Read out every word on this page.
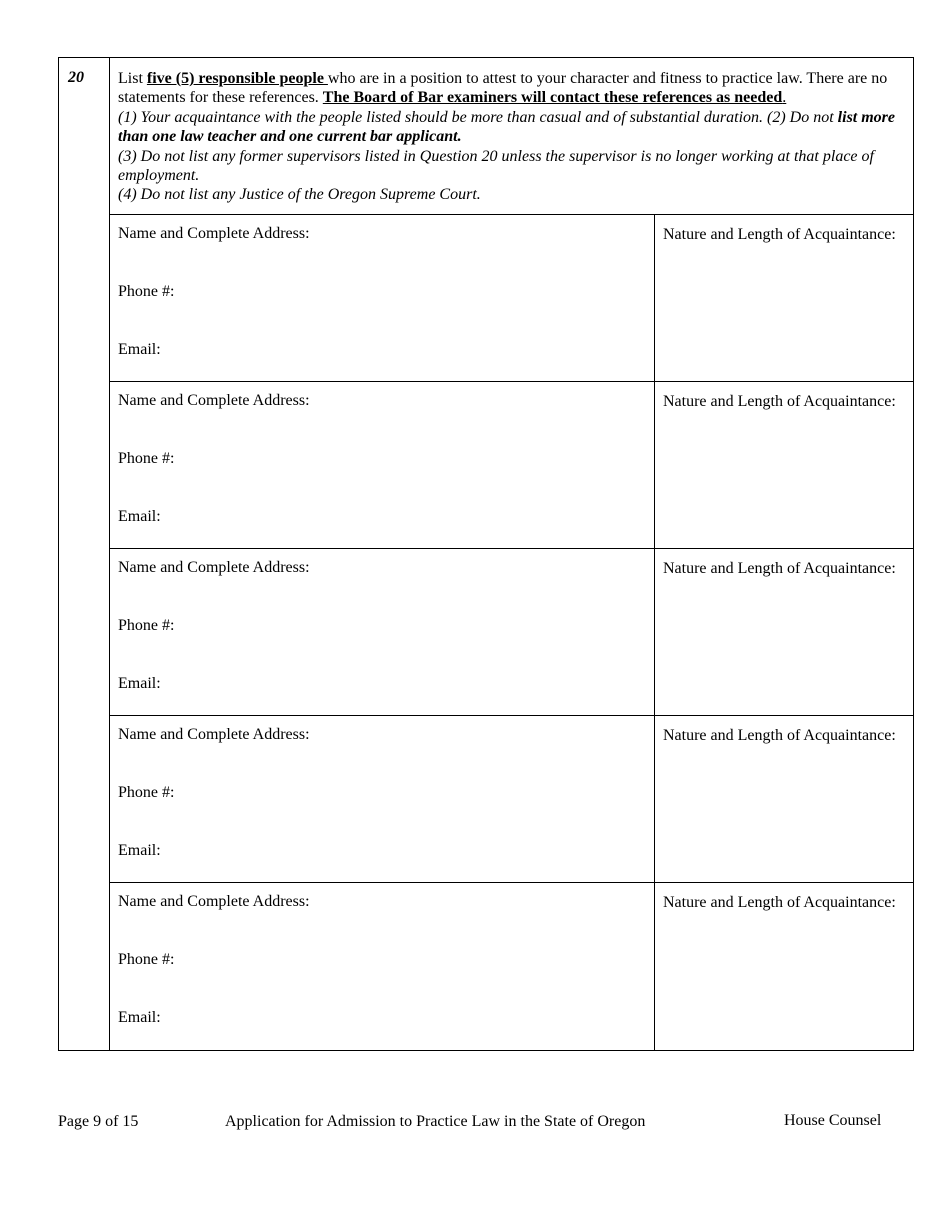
20 List five (5) responsible people who are in a position to attest to your character and fitness to practice law. There are no statements for these references. The Board of Bar examiners will contact these references as needed.

(1) Your acquaintance with the people listed should be more than casual and of substantial duration. (2) Do not list more than one law teacher and one current bar applicant.

(3) Do not list any former supervisors listed in Question 20 unless the supervisor is no longer working at that place of employment.

(4) Do not list any Justice of the Oregon Supreme Court.

Name and Complete Address:
Phone #:
Email:
Nature and Length of Acquaintance:
Name and Complete Address:
Phone #:
Email:
Nature and Length of Acquaintance:
Name and Complete Address:
Phone #:
Email:
Nature and Length of Acquaintance:
Name and Complete Address:
Phone #:
Email:
Nature and Length of Acquaintance:
Name and Complete Address:
Phone #:
Email:
Nature and Length of Acquaintance:
Page 9 of 15	Application for Admission to Practice Law in the State of Oregon	House Counsel
